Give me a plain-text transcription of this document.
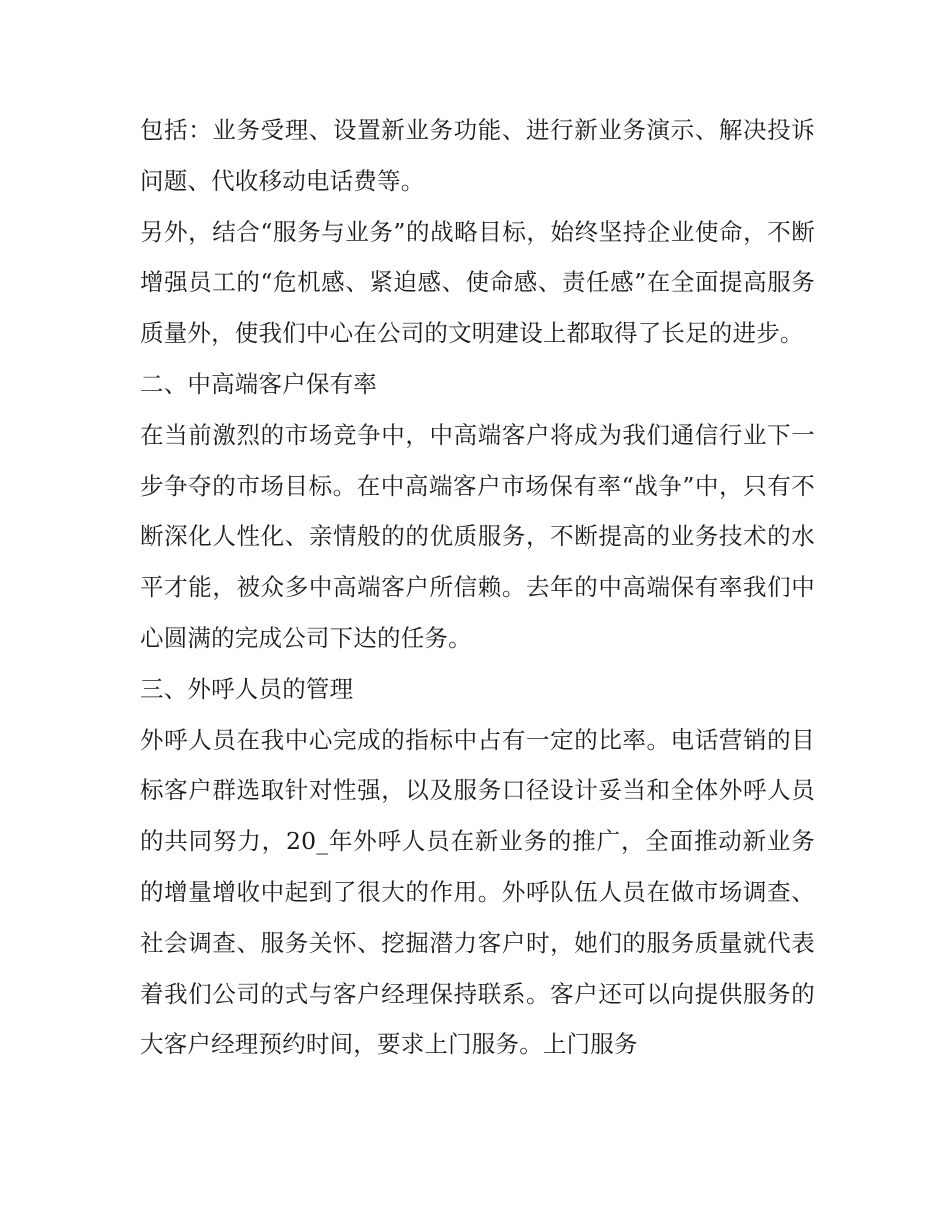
包括：业务受理、设置新业务功能、进行新业务演示、解决投诉问题、代收移动电话费等。

另外，结合“服务与业务”的战略目标，始终坚持企业使命，不断增强员工的“危机感、紧迫感、使命感、责任感”在全面提高服务质量外，使我们中心在公司的文明建设上都取得了长足的进步。

二、中高端客户保有率

在当前激烈的市场竞争中，中高端客户将成为我们通信行业下一步争夺的市场目标。在中高端客户市场保有率“战争”中，只有不断深化人性化、亲情般的的优质服务，不断提高的业务技术的水平才能，被众多中高端客户所信赖。去年的中高端保有率我们中心圆满的完成公司下达的任务。

三、外呼人员的管理

外呼人员在我中心完成的指标中占有一定的比率。电话营销的目标客户群选取针对性强，以及服务口径设计妥当和全体外呼人员的共同努力，20_年外呼人员在新业务的推广，全面推动新业务的增量增收中起到了很大的作用。外呼队伍人员在做市场调查、社会调查、服务关怀、挖掘潜力客户时，她们的服务质量就代表着我们公司的式与客户经理保持联系。客户还可以向提供服务的大客户经理预约时间，要求上门服务。上门服务
